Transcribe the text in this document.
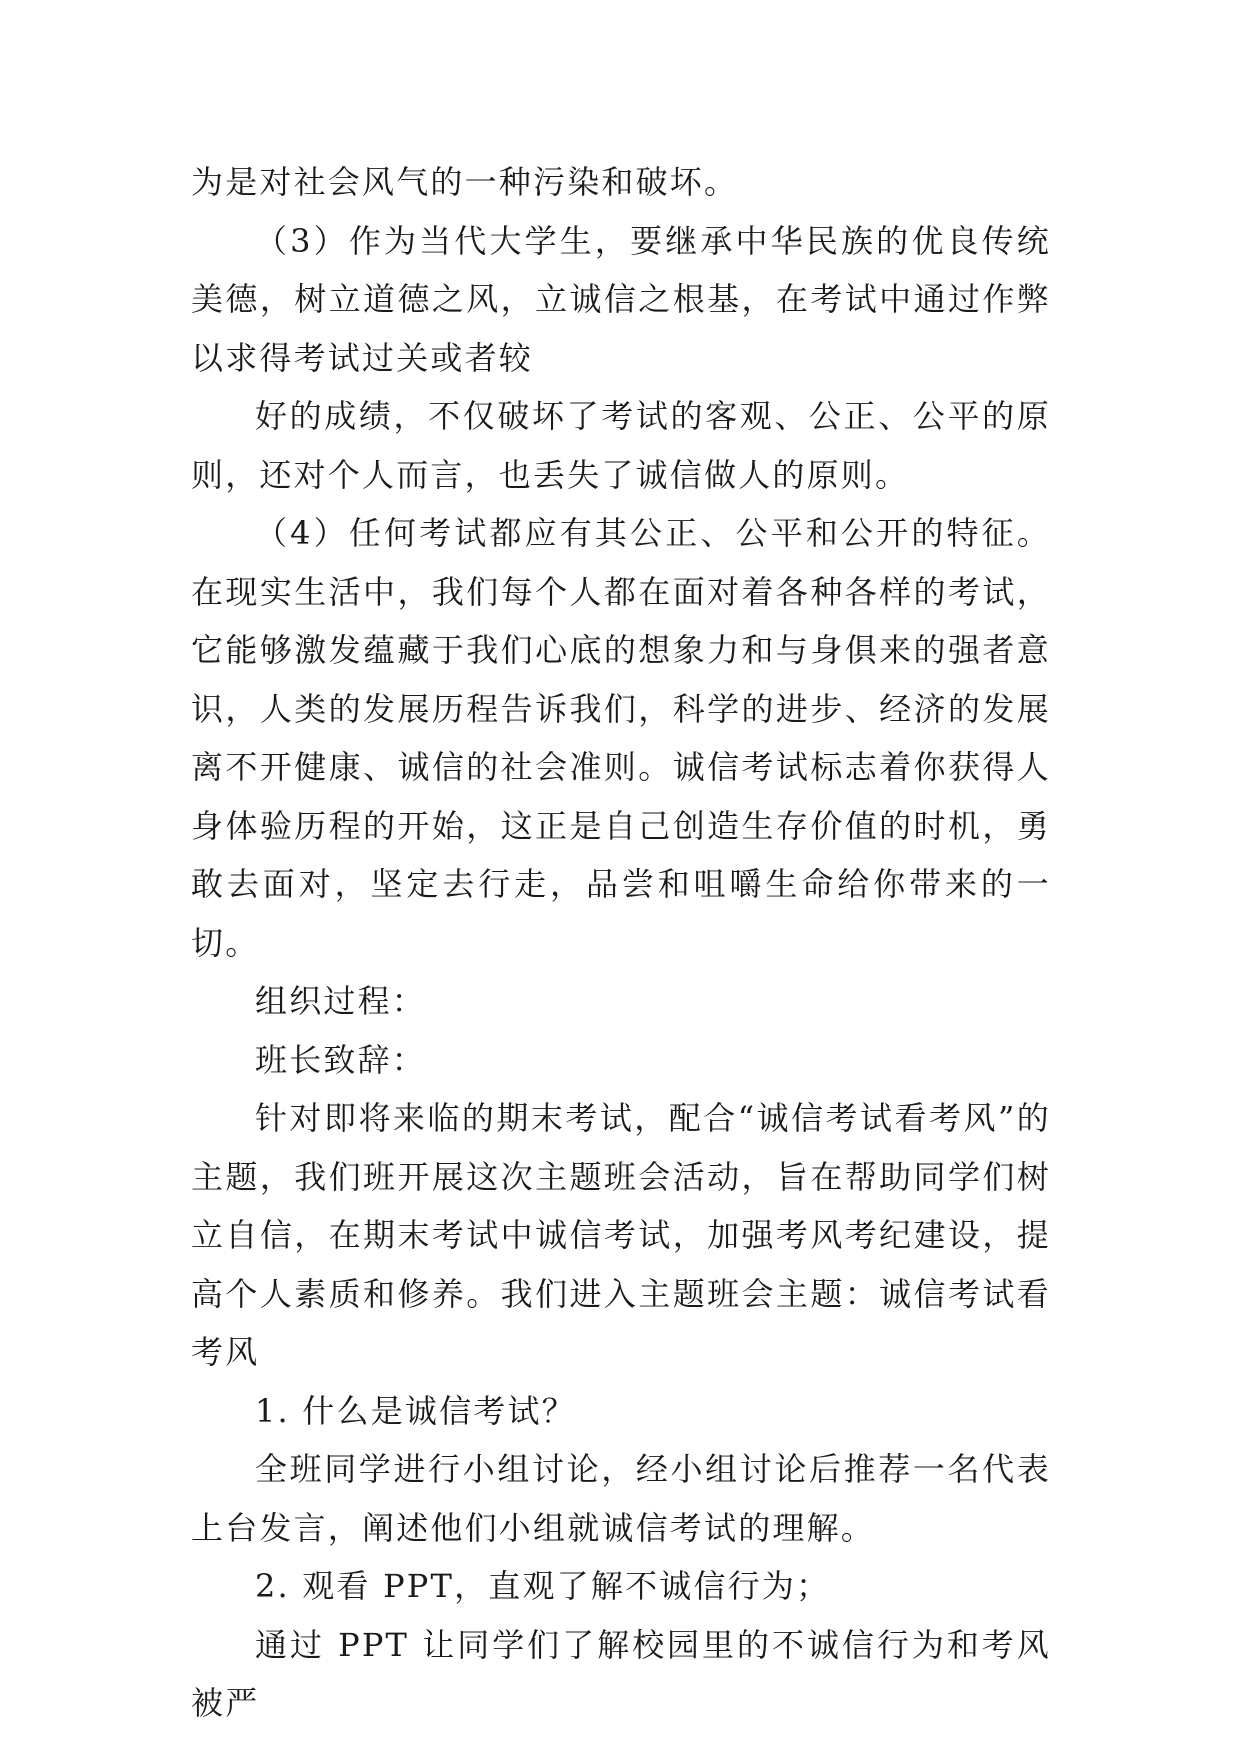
为是对社会风气的一种污染和破坏。

（3）作为当代大学生，要继承中华民族的优良传统美德，树立道德之风，立诚信之根基，在考试中通过作弊以求得考试过关或者较

好的成绩，不仅破坏了考试的客观、公正、公平的原则，还对个人而言，也丢失了诚信做人的原则。

（4）任何考试都应有其公正、公平和公开的特征。在现实生活中，我们每个人都在面对着各种各样的考试，它能够激发蕴藏于我们心底的想象力和与身俱来的强者意识，人类的发展历程告诉我们，科学的进步、经济的发展离不开健康、诚信的社会准则。诚信考试标志着你获得人身体验历程的开始，这正是自己创造生存价值的时机，勇敢去面对，坚定去行走，品尝和咀嚼生命给你带来的一切。

组织过程：

班长致辞：

针对即将来临的期末考试，配合“诚信考试看考风”的主题，我们班开展这次主题班会活动，旨在帮助同学们树立自信，在期末考试中诚信考试，加强考风考纪建设，提高个人素质和修养。我们进入主题班会主题：诚信考试看考风

1. 什么是诚信考试？

全班同学进行小组讨论，经小组讨论后推荐一名代表上台发言，阐述他们小组就诚信考试的理解。

2. 观看 PPT，直观了解不诚信行为；

通过 PPT 让同学们了解校园里的不诚信行为和考风被严
